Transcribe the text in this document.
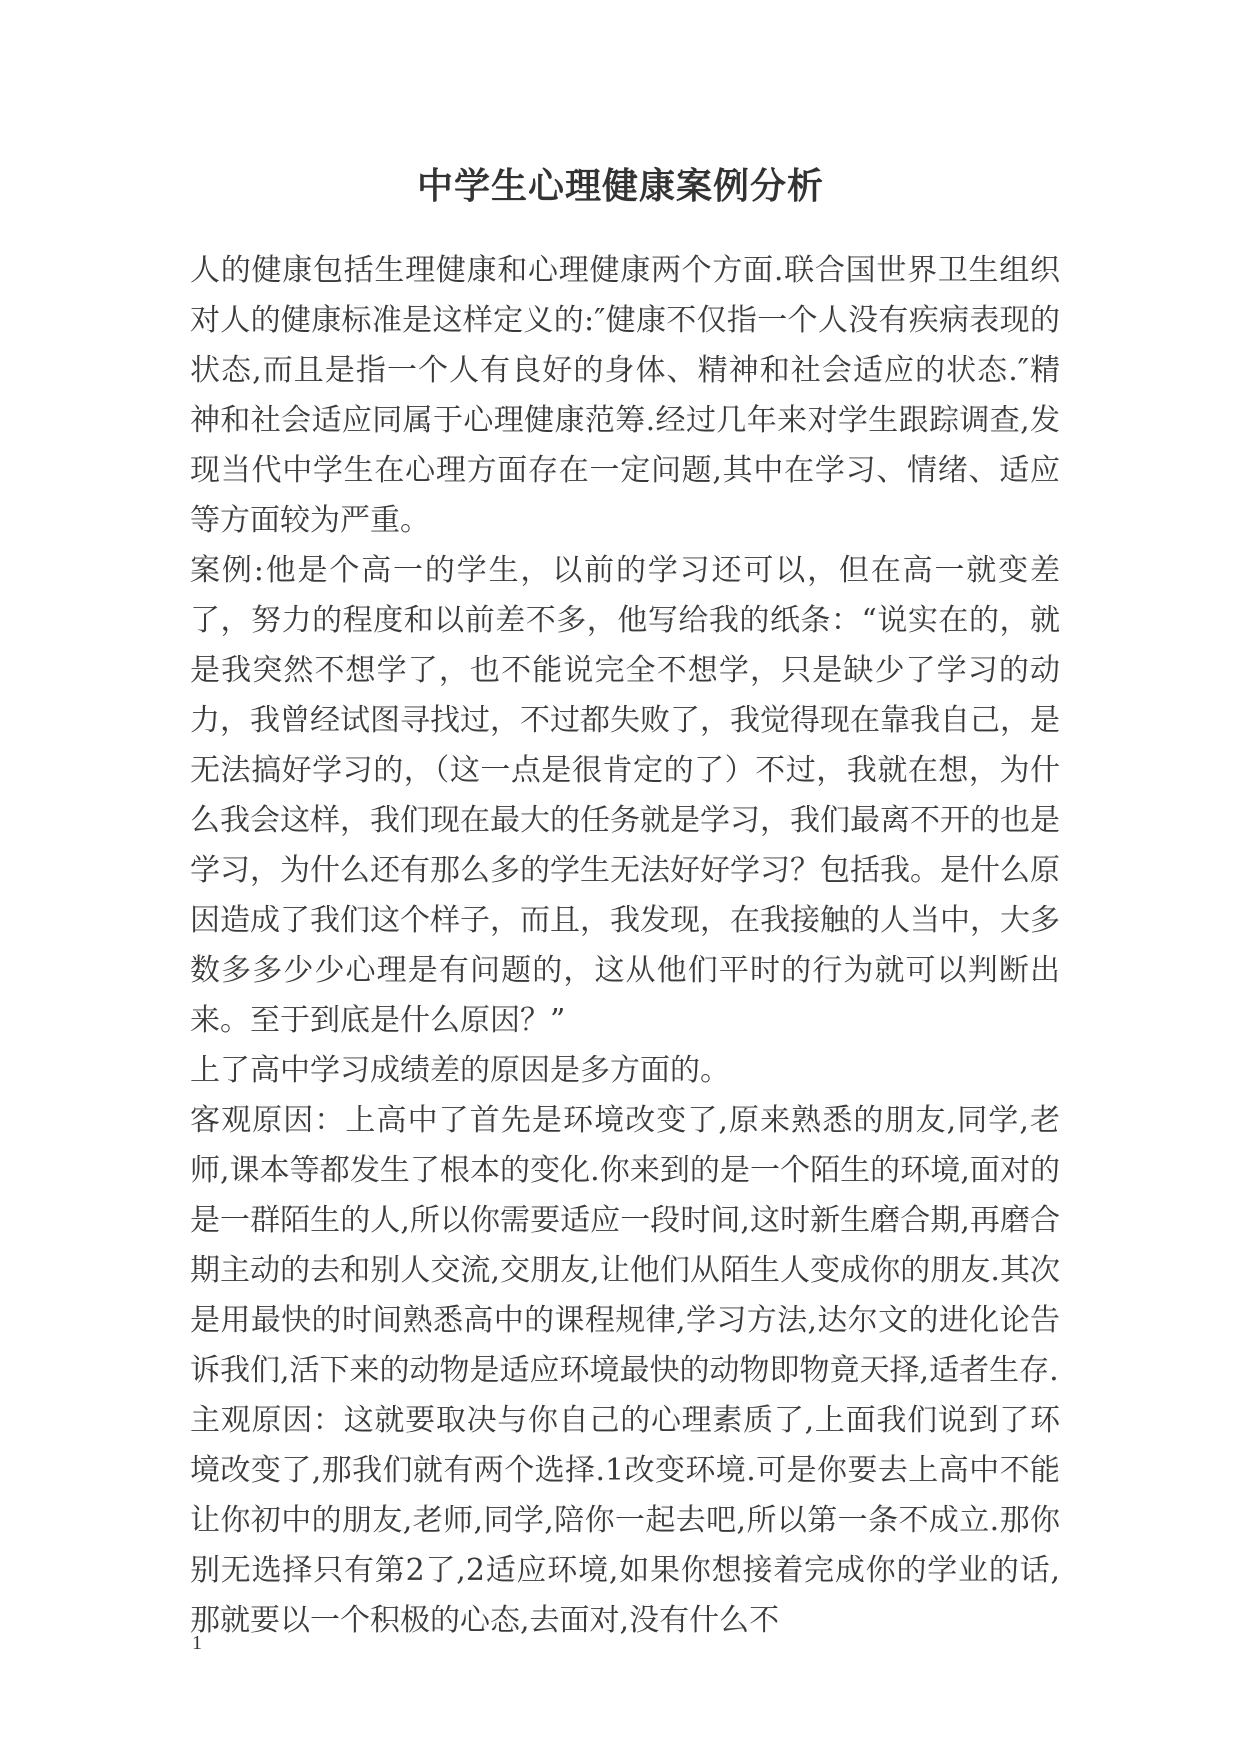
中学生心理健康案例分析

人的健康包括生理健康和心理健康两个方面.联合国世界卫生组织对人的健康标准是这样定义的:″健康不仅指一个人没有疾病表现的状态,而且是指一个人有良好的身体、精神和社会适应的状态.″精神和社会适应同属于心理健康范筹.经过几年来对学生跟踪调查,发现当代中学生在心理方面存在一定问题,其中在学习、情绪、适应等方面较为严重。

案例:他是个高一的学生，以前的学习还可以，但在高一就变差了，努力的程度和以前差不多，他写给我的纸条：“说实在的，就是我突然不想学了，也不能说完全不想学，只是缺少了学习的动力，我曾经试图寻找过，不过都失败了，我觉得现在靠我自己，是无法搞好学习的，（这一点是很肯定的了）不过，我就在想，为什么我会这样，我们现在最大的任务就是学习，我们最离不开的也是学习，为什么还有那么多的学生无法好好学习？包括我。是什么原因造成了我们这个样子，而且，我发现，在我接触的人当中，大多数多多少少心理是有问题的，这从他们平时的行为就可以判断出来。至于到底是什么原因？”

上了高中学习成绩差的原因是多方面的。

客观原因：上高中了首先是环境改变了,原来熟悉的朋友,同学,老师,课本等都发生了根本的变化.你来到的是一个陌生的环境,面对的是一群陌生的人,所以你需要适应一段时间,这时新生磨合期,再磨合期主动的去和别人交流,交朋友,让他们从陌生人变成你的朋友.其次是用最快的时间熟悉高中的课程规律,学习方法,达尔文的进化论告诉我们,活下来的动物是适应环境最快的动物即物竟天择,适者生存.

主观原因：这就要取决与你自己的心理素质了,上面我们说到了环境改变了,那我们就有两个选择.1改变环境.可是你要去上高中不能让你初中的朋友,老师,同学,陪你一起去吧,所以第一条不成立.那你别无选择只有第2了,2适应环境,如果你想接着完成你的学业的话,那就要以一个积极的心态,去面对,没有什么不

1
